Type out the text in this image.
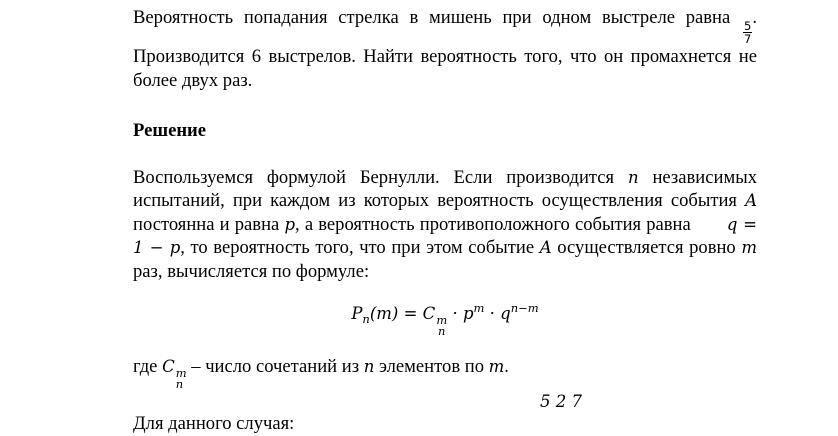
Вероятность попадания стрелка в мишень при одном выстреле равна
$\frac{5}{7}$
. Производится 6 выстрелов. Найти вероятность того, что он промахнется не более двух раз.

Решение

Воспользуемся формулой Бернулли. Если производится n независимых испытаний, при каждом из которых вероятность осуществления события A постоянна и равна p, а вероятность противоположного события равна       q = 1 − p, то вероятность того, что при этом событие A осуществляется ровно m раз, вычисляется по формуле:

$P_n(m) = C$ m
n
· $p^m \cdot q^{n-m}$

где C m
n
– число сочетаний из n элементов по m.

Для данного случая:

5 2 7
